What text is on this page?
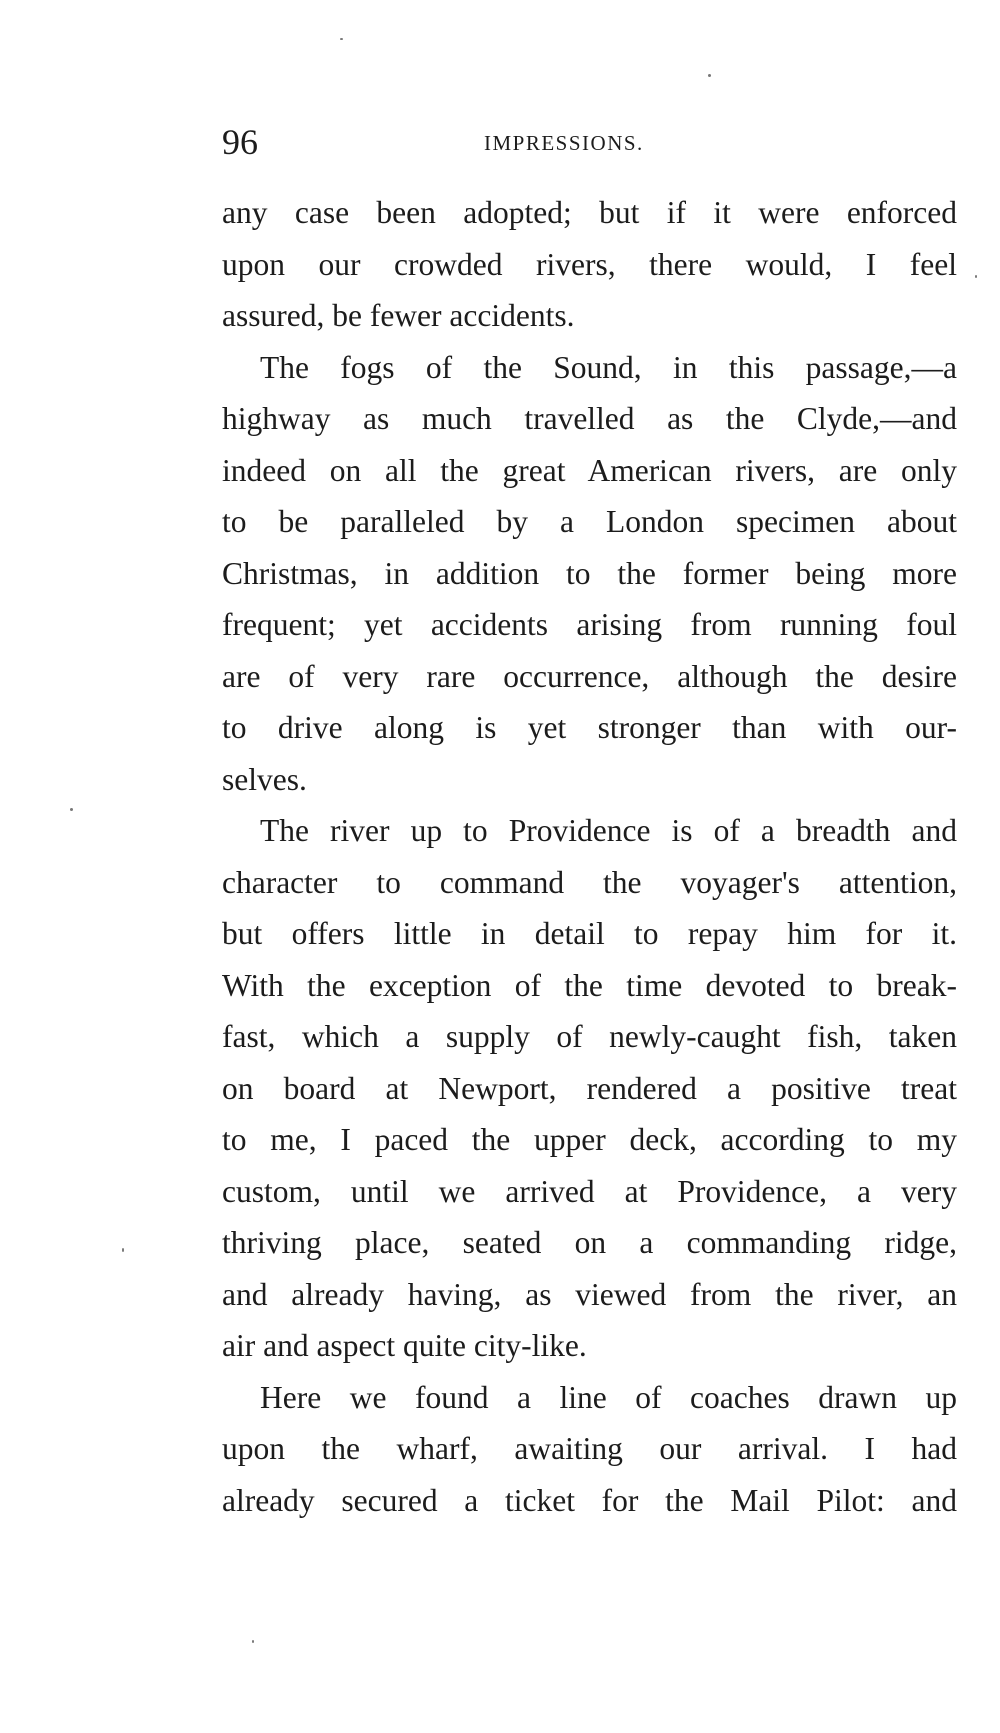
96	IMPRESSIONS.
any case been adopted; but if it were enforced
upon our crowded rivers, there would, I feel
assured, be fewer accidents.
The fogs of the Sound, in this passage,—a
highway as much travelled as the Clyde,—and
indeed on all the great American rivers, are only
to be paralleled by a London specimen about
Christmas, in addition to the former being more
frequent; yet accidents arising from running foul
are of very rare occurrence, although the desire
to drive along is yet stronger than with our-
selves.
The river up to Providence is of a breadth and
character to command the voyager's attention,
but offers little in detail to repay him for it.
With the exception of the time devoted to break-
fast, which a supply of newly-caught fish, taken
on board at Newport, rendered a positive treat
to me, I paced the upper deck, according to my
custom, until we arrived at Providence, a very
thriving place, seated on a commanding ridge,
and already having, as viewed from the river, an
air and aspect quite city-like.
Here we found a line of coaches drawn up
upon the wharf, awaiting our arrival. I had
already secured a ticket for the Mail Pilot: and
